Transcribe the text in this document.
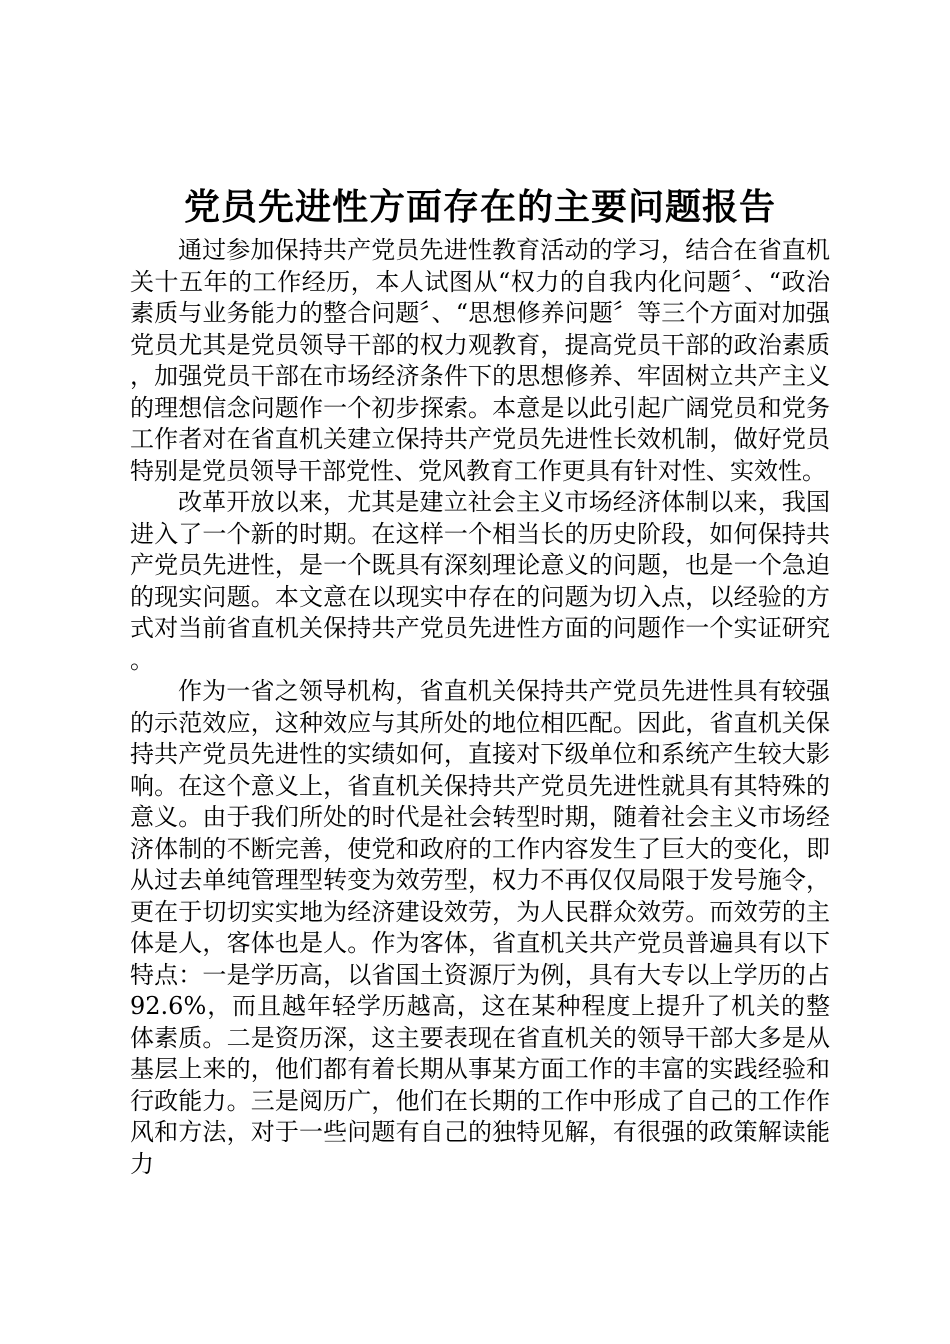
党员先进性方面存在的主要问题报告

通过参加保持共产党员先进性教育活动的学习，结合在省直机关十五年的工作经历，本人试图从“权力的自我内化问题〞、“政治素质与业务能力的整合问题〞、“思想修养问题〞等三个方面对加强党员尤其是党员领导干部的权力观教育，提高党员干部的政治素质，加强党员干部在市场经济条件下的思想修养、牢固树立共产主义的理想信念问题作一个初步探索。本意是以此引起广阔党员和党务工作者对在省直机关建立保持共产党员先进性长效机制，做好党员特别是党员领导干部党性、党风教育工作更具有针对性、实效性。

改革开放以来，尤其是建立社会主义市场经济体制以来，我国进入了一个新的时期。在这样一个相当长的历史阶段，如何保持共产党员先进性，是一个既具有深刻理论意义的问题，也是一个急迫的现实问题。本文意在以现实中存在的问题为切入点，以经验的方式对当前省直机关保持共产党员先进性方面的问题作一个实证研究。

作为一省之领导机构，省直机关保持共产党员先进性具有较强的示范效应，这种效应与其所处的地位相匹配。因此，省直机关保持共产党员先进性的实绩如何，直接对下级单位和系统产生较大影响。在这个意义上，省直机关保持共产党员先进性就具有其特殊的意义。由于我们所处的时代是社会转型时期，随着社会主义市场经济体制的不断完善，使党和政府的工作内容发生了巨大的变化，即从过去单纯管理型转变为效劳型，权力不再仅仅局限于发号施令，更在于切切实实地为经济建设效劳，为人民群众效劳。而效劳的主体是人，客体也是人。作为客体，省直机关共产党员普遍具有以下特点：一是学历高，以省国土资源厅为例，具有大专以上学历的占92.6%，而且越年轻学历越高，这在某种程度上提升了机关的整体素质。二是资历深，这主要表现在省直机关的领导干部大多是从基层上来的，他们都有着长期从事某方面工作的丰富的实践经验和行政能力。三是阅历广，他们在长期的工作中形成了自己的工作作风和方法，对于一些问题有自己的独特见解，有很强的政策解读能力
